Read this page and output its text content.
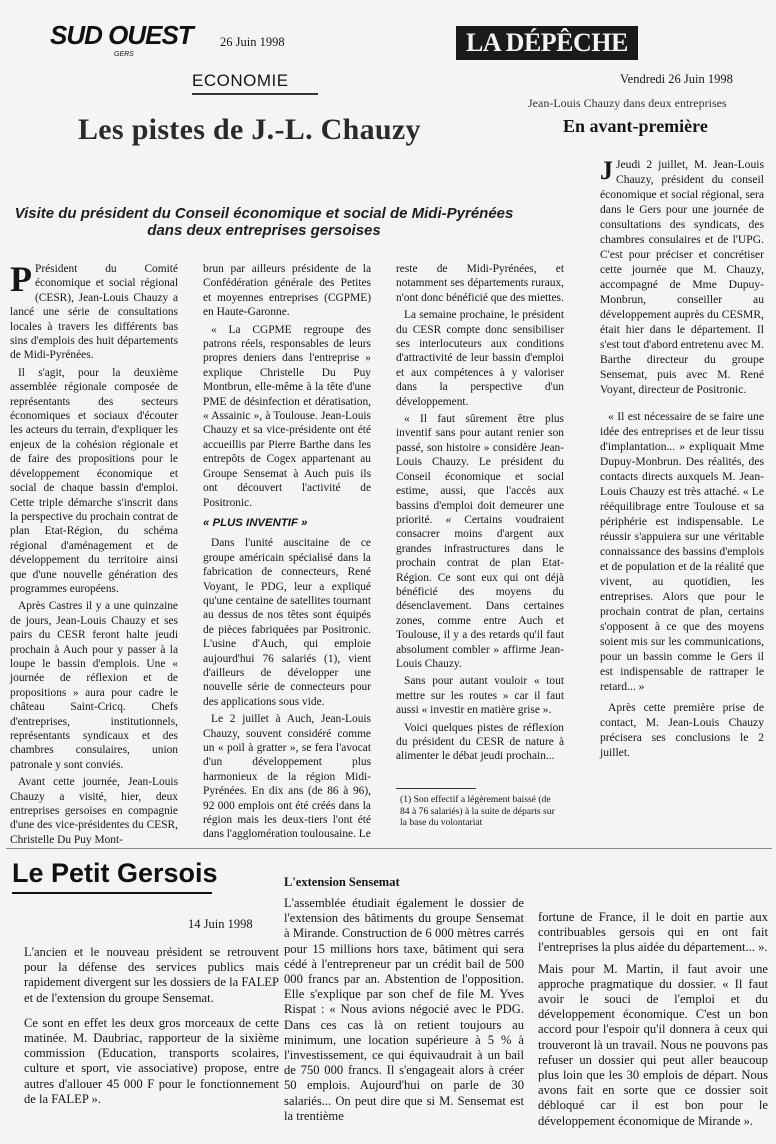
SUD OUEST
GERS
26 Juin 1998
ECONOMIE
Les pistes de J.-L. Chauzy
Visite du président du Conseil économique et social de Midi-Pyrénées dans deux entreprises gersoises

P Président du Comité économique et social régional (CESR), Jean-Louis Chauzy a lancé une série de consultations locales à travers les différents bas sins d'emplois des huit départements de Midi-Pyrénées.

Il s'agit, pour la deuxième assemblée régionale composée de représentants des secteurs économiques et sociaux d'écouter les acteurs du terrain, d'expliquer les enjeux de la cohésion régionale et de faire des propositions pour le développement économique et social de chaque bassin d'emploi. Cette triple démarche s'inscrit dans la perspective du prochain contrat de plan Etat-Région, du schéma régional d'aménagement et de développement du territoire ainsi que d'une nouvelle génération des programmes européens.

Après Castres il y a une quinzaine de jours, Jean-Louis Chauzy et ses pairs du CESR feront halte jeudi prochain à Auch pour y passer à la loupe le bassin d'emplois. Une « journée de réflexion et de propositions » aura pour cadre le château Saint-Cricq. Chefs d'entreprises, institutionnels, représentants syndicaux et des chambres consulaires, union patronale y sont conviés.

Avant cette journée, Jean-Louis Chauzy a visité, hier, deux entreprises gersoises en compagnie d'une des vice-présidentes du CESR, Christelle Du Puy Mont-

brun par ailleurs présidente de la Confédération générale des Petites et moyennes entreprises (CGPME) en Haute-Garonne.

« La CGPME regroupe des patrons réels, responsables de leurs propres deniers dans l'entreprise » explique Christelle Du Puy Montbrun, elle-même à la tête d'une PME de désinfection et dératisation, « Assainic », à Toulouse. Jean-Louis Chauzy et sa vice-présidente ont été accueillis par Pierre Barthe dans les entrepôts de Cogex appartenant au Groupe Sensemat à Auch puis ils ont découvert l'activité de Positronic.

« PLUS INVENTIF »

Dans l'unité auscitaine de ce groupe américain spécialisé dans la fabrication de connecteurs, René Voyant, le PDG, leur a expliqué qu'une centaine de satellites tournant au dessus de nos têtes sont équipés de pièces fabriquées par Positronic. L'usine d'Auch, qui emploie aujourd'hui 76 salariés (1), vient d'ailleurs de développer une nouvelle série de connecteurs pour des applications sous vide.

Le 2 juillet à Auch, Jean-Louis Chauzy, souvent considéré comme un « poil à gratter », se fera l'avocat d'un développement plus harmonieux de la région Midi-Pyrénées. En dix ans (de 86 à 96), 92 000 emplois ont été créés dans la région mais les deux-tiers l'ont été dans l'agglomération toulousaine. Le

reste de Midi-Pyrénées, et notamment ses départements ruraux, n'ont donc bénéficié que des miettes.

La semaine prochaine, le président du CESR compte donc sensibiliser ses interlocuteurs aux conditions d'attractivité de leur bassin d'emploi et aux compétences à y valoriser dans la perspective d'un développement.

« Il faut sûrement être plus inventif sans pour autant renier son passé, son histoire » considère Jean-Louis Chauzy. Le président du Conseil économique et social estime, aussi, que l'accès aux bassins d'emploi doit demeurer une priorité. « Certains voudraient consacrer moins d'argent aux grandes infrastructures dans le prochain contrat de plan Etat-Région. Ce sont eux qui ont déjà bénéficié des moyens du désenclavement. Dans certaines zones, comme entre Auch et Toulouse, il y a des retards qu'il faut absolument combler » affirme Jean-Louis Chauzy.

Sans pour autant vouloir « tout mettre sur les routes » car il faut aussi « investir en matière grise ».

Voici quelques pistes de réflexion du président du CESR de nature à alimenter le débat jeudi prochain...

(1) Son effectif a légèrement baissé (de 84 à 76 salariés) à la suite de départs sur la base du volontariat
LA DÉPÊCHE
Vendredi 26 Juin 1998
Jean-Louis Chauzy dans deux entreprises
En avant-première

J Jeudi 2 juillet, M. Jean-Louis Chauzy, président du conseil économique et social régional, sera dans le Gers pour une journée de consultations des syndicats, des chambres consulaires et de l'UPG. C'est pour préciser et concrétiser cette journée que M. Chauzy, accompagné de Mme Dupuy-Monbrun, conseiller au développement auprès du CESMR, était hier dans le département. Il s'est tout d'abord entretenu avec M. Barthe directeur du groupe Sensemat, puis avec M. René Voyant, directeur de Positronic.

« Il est nécessaire de se faire une idée des entreprises et de leur tissu d'implantation... » expliquait Mme Dupuy-Monbrun. Des réalités, des contacts directs auxquels M. Jean-Louis Chauzy est très attaché. « Le rééquilibrage entre Toulouse et sa périphérie est indispensable. Le réussir s'appuiera sur une véritable connaissance des bassins d'emplois et de population et de la réalité que vivent, au quotidien, les entreprises. Alors que pour le prochain contrat de plan, certains s'opposent à ce que des moyens soient mis sur les communications, pour un bassin comme le Gers il est indispensable de rattraper le retard... »

Après cette première prise de contact, M. Jean-Louis Chauzy précisera ses conclusions le 2 juillet.

Le Petit Gersois
14 Juin 1998

L'ancien et le nouveau président se retrouvent pour la défense des services publics mais rapidement divergent sur les dossiers de la FALEP et de l'extension du groupe Sensemat.

Ce sont en effet les deux gros morceaux de cette matinée. M. Daubriac, rapporteur de la sixième commission (Education, transports scolaires, culture et sport, vie associative) propose, entre autres d'allouer 45 000 F pour le fonctionnement de la FALEP ».

L'extension Sensemat

L'assemblée étudiait également le dossier de l'extension des bâtiments du groupe Sensemat à Mirande. Construction de 6 000 mètres carrés pour 15 millions hors taxe, bâtiment qui sera cédé à l'entrepreneur par un crédit bail de 500 000 francs par an. Abstention de l'opposition. Elle s'explique par son chef de file M. Yves Rispat : « Nous avions négocié avec le PDG. Dans ces cas là on retient toujours au minimum, une location supérieure à 5 % à l'investissement, ce qui équivaudrait à un bail de 750 000 francs. Il s'engageait alors à créer 50 emplois. Aujourd'hui on parle de 30 salariés... On peut dire que si M. Sensemat est la trentième

fortune de France, il le doit en partie aux contribuables gersois qui en ont fait l'entreprises la plus aidée du département... ».

Mais pour M. Martin, il faut avoir une approche pragmatique du dossier. « Il faut avoir le souci de l'emploi et du développement économique. C'est un bon accord pour l'espoir qu'il donnera à ceux qui trouveront là un travail. Nous ne pouvons pas refuser un dossier qui peut aller beaucoup plus loin que les 30 emplois de départ. Nous avons fait en sorte que ce dossier soit débloqué car il est bon pour le développement économique de Mirande ».
